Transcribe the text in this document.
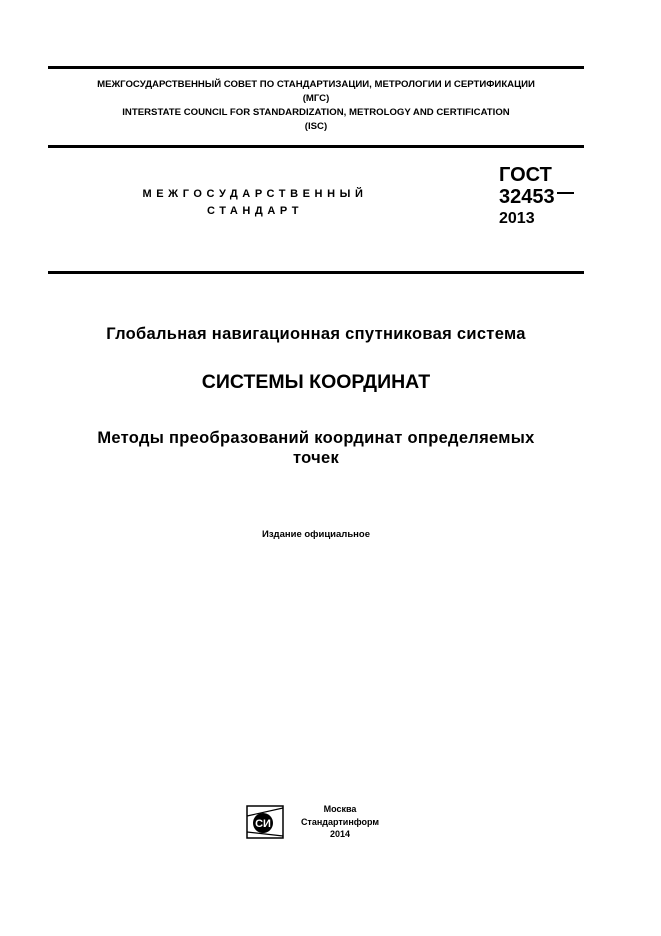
МЕЖГОСУДАРСТВЕННЫЙ СОВЕТ ПО СТАНДАРТИЗАЦИИ, МЕТРОЛОГИИ И СЕРТИФИКАЦИИ
(МГС)
INTERSTATE COUNCIL FOR STANDARDIZATION, METROLOGY AND CERTIFICATION
(ISC)
МЕЖГОСУДАРСТВЕННЫЙ
СТАНДАРТ
ГОСТ
32453
2013
Глобальная навигационная спутниковая система
СИСТЕМЫ КООРДИНАТ
Методы преобразований координат определяемых
точек
Издание официальное
СИ
Москва
Стандартинформ
2014
